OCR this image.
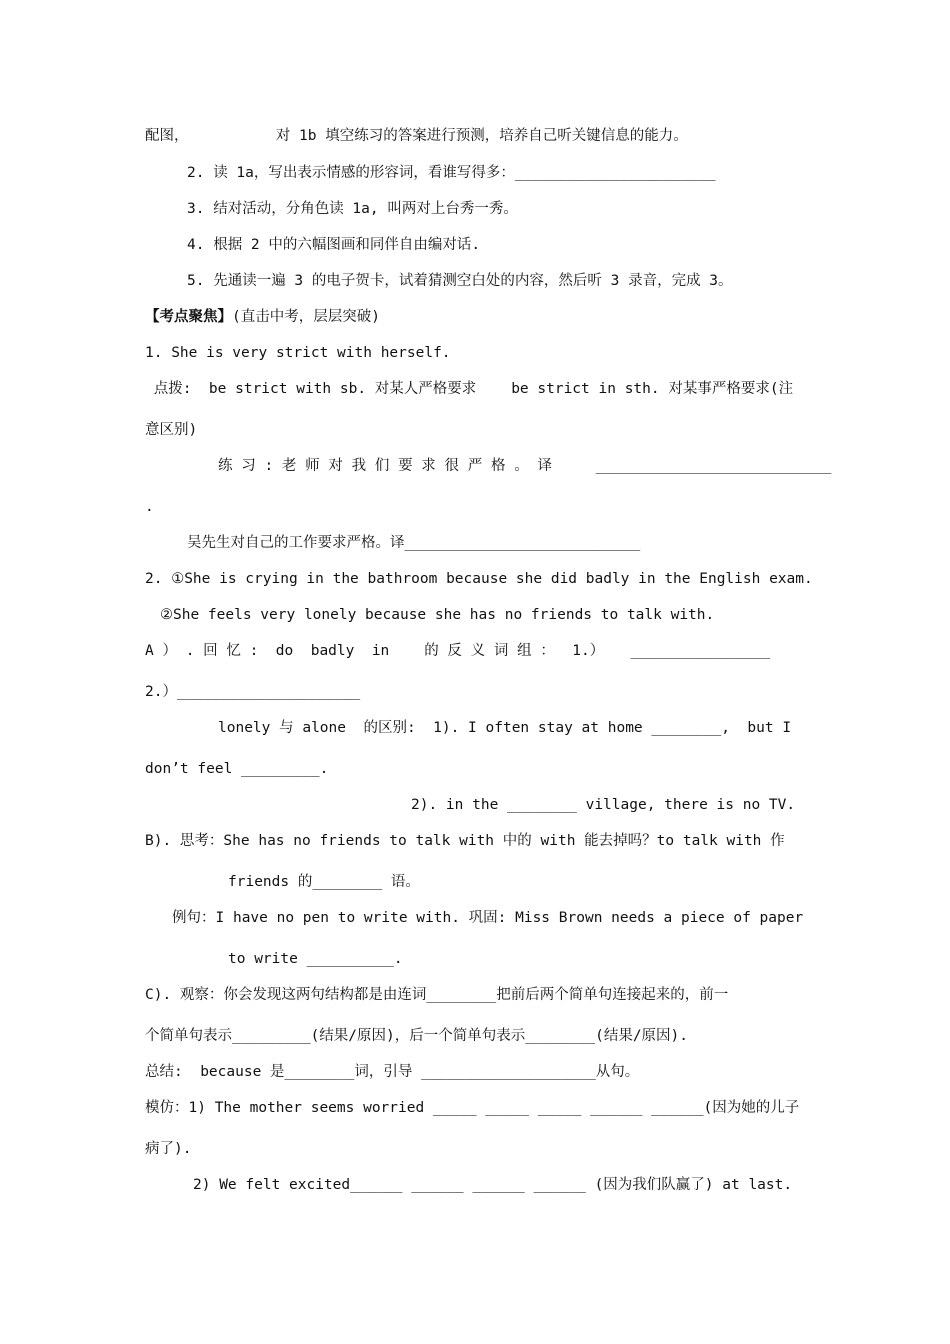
配图，          对 1b 填空练习的答案进行预测，培养自己听关键信息的能力。
2. 读 1a，写出表示情感的形容词，看谁写得多：_______________________
3. 结对活动，分角色读 1a, 叫两对上台秀一秀。
4. 根据 2 中的六幅图画和同伴自由编对话.
5. 先通读一遍 3 的电子贺卡，试着猜测空白处的内容，然后听 3 录音，完成 3。
【考点聚焦】(直击中考，层层突破)
1. She is very strict with herself.
点拨:  be strict with sb. 对某人严格要求    be strict in sth. 对某事严格要求(注
意区别)
练 习 : 老 师 对 我 们 要 求 很 严 格 。 译     ___________________________
.
吴先生对自己的工作要求严格。译___________________________
2. ①She is crying in the bathroom because she did badly in the English exam.
②She feels very lonely because she has no friends to talk with.
A ） . 回 忆 :  do  badly  in    的 反 义 词 组 ：  1.）   ________________
2.）_____________________
lonely 与 alone  的区别:  1). I often stay at home ________,  but I
don’t feel _________.
2). in the ________ village, there is no TV.
B). 思考：She has no friends to talk with 中的 with 能去掉吗？to talk with 作
friends 的________ 语。
例句：I have no pen to write with. 巩固: Miss Brown needs a piece of paper
to write __________.
C). 观察：你会发现这两句结构都是由连词________把前后两个简单句连接起来的，前一
个简单句表示_________(结果/原因)，后一个简单句表示________(结果/原因).
总结:  because 是________词，引导 ____________________从句。
模仿：1) The mother seems worried _____ _____ _____ ______ ______(因为她的儿子
病了).
2) We felt excited______ ______ ______ ______ (因为我们队赢了) at last.
